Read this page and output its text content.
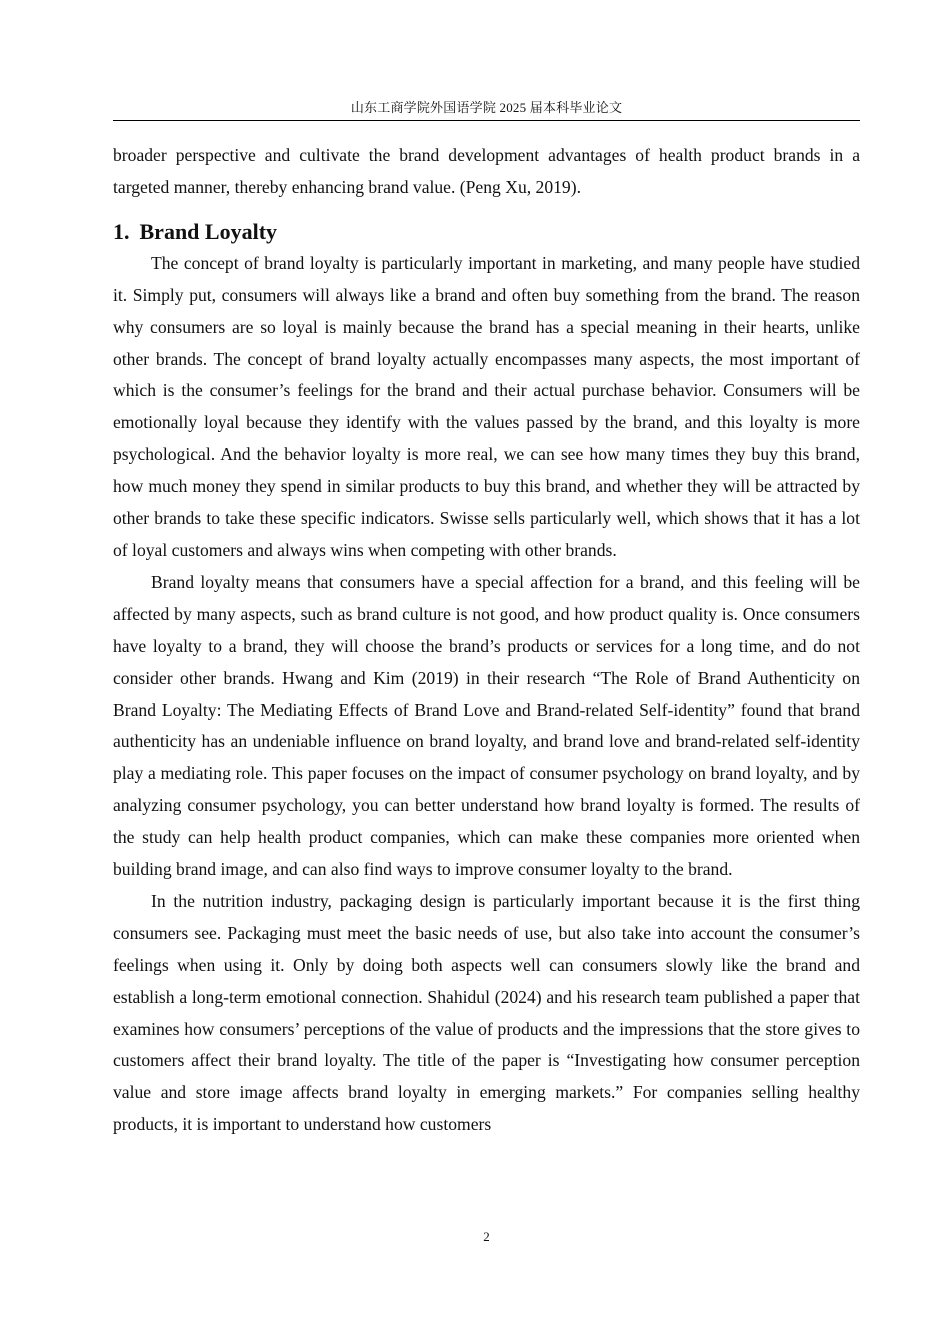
山东工商学院外国语学院 2025 届本科毕业论文

broader perspective and cultivate the brand development advantages of health product brands in a targeted manner, thereby enhancing brand value. (Peng Xu, 2019).

1. Brand Loyalty

The concept of brand loyalty is particularly important in marketing, and many people have studied it. Simply put, consumers will always like a brand and often buy something from the brand. The reason why consumers are so loyal is mainly because the brand has a special meaning in their hearts, unlike other brands. The concept of brand loyalty actually encompasses many aspects, the most important of which is the consumer’s feelings for the brand and their actual purchase behavior. Consumers will be emotionally loyal because they identify with the values passed by the brand, and this loyalty is more psychological. And the behavior loyalty is more real, we can see how many times they buy this brand, how much money they spend in similar products to buy this brand, and whether they will be attracted by other brands to take these specific indicators. Swisse sells particularly well, which shows that it has a lot of loyal customers and always wins when competing with other brands.

Brand loyalty means that consumers have a special affection for a brand, and this feeling will be affected by many aspects, such as brand culture is not good, and how product quality is. Once consumers have loyalty to a brand, they will choose the brand’s products or services for a long time, and do not consider other brands. Hwang and Kim (2019) in their research “The Role of Brand Authenticity on Brand Loyalty: The Mediating Effects of Brand Love and Brand-related Self-identity” found that brand authenticity has an undeniable influence on brand loyalty, and brand love and brand-related self-identity play a mediating role. This paper focuses on the impact of consumer psychology on brand loyalty, and by analyzing consumer psychology, you can better understand how brand loyalty is formed. The results of the study can help health product companies, which can make these companies more oriented when building brand image, and can also find ways to improve consumer loyalty to the brand.

In the nutrition industry, packaging design is particularly important because it is the first thing consumers see. Packaging must meet the basic needs of use, but also take into account the consumer’s feelings when using it. Only by doing both aspects well can consumers slowly like the brand and establish a long-term emotional connection. Shahidul (2024) and his research team published a paper that examines how consumers’ perceptions of the value of products and the impressions that the store gives to customers affect their brand loyalty. The title of the paper is “Investigating how consumer perception value and store image affects brand loyalty in emerging markets.” For companies selling healthy products, it is important to understand how customers

2
